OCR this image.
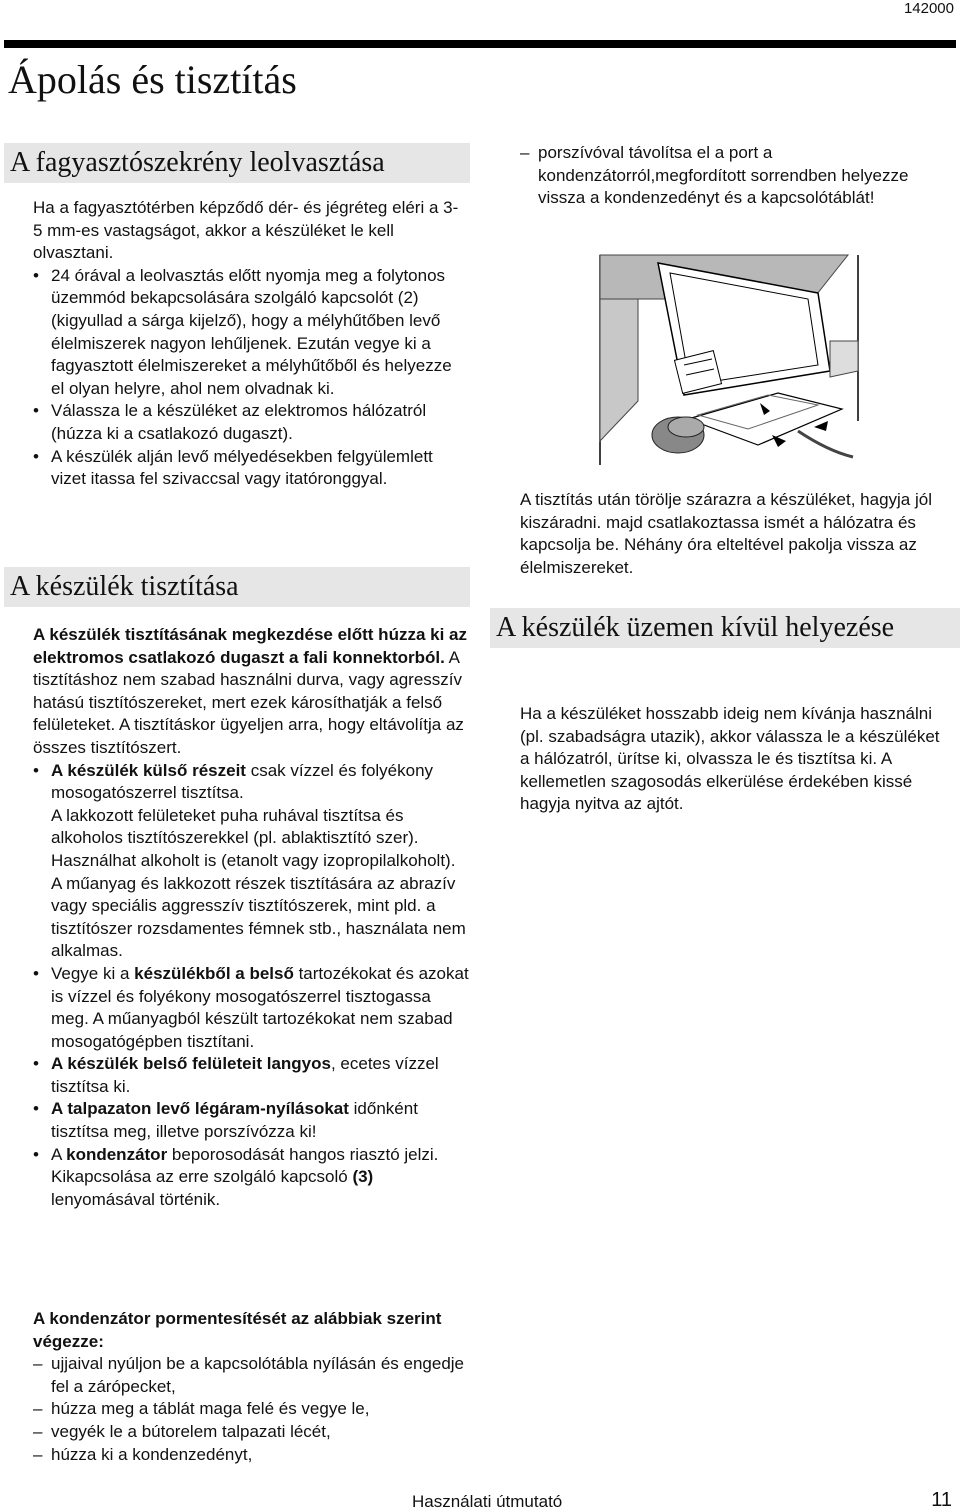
142000
Ápolás és tisztítás
A fagyasztószekrény leolvasztása

Ha a fagyasztótérben képződő dér- és jégréteg eléri a 3-5 mm-es vastagságot, akkor a készüléket le kell olvasztani.

• 24 órával a leolvasztás előtt nyomja meg a folytonos üzemmód bekapcsolására szolgáló kapcsolót (2) (kigyullad a sárga kijelző), hogy a mélyhűtőben levő élelmiszerek nagyon lehűljenek. Ezután vegye ki a fagyasztott élelmiszereket a mélyhűtőből és helyezze el olyan helyre, ahol nem olvadnak ki.
• Válassza le a készüléket az elektromos hálózatról (húzza ki a csatlakozó dugaszt).
• A készülék alján levő mélyedésekben felgyülemlett vizet itassa fel szivaccsal vagy itatóronggyal.
A készülék tisztítása

A készülék tisztításának megkezdése előtt húzza ki az elektromos csatlakozó dugaszt a fali konnektorból. A tisztításhoz nem szabad használni durva, vagy agresszív hatású tisztítószereket, mert ezek károsíthatják a felső felületeket. A tisztításkor ügyeljen arra, hogy eltávolítja az összes tisztítószert.

• A készülék külső részeit csak vízzel és folyékony mosogatószerrel tisztítsa.
A lakkozott felületeket puha ruhával tisztítsa és alkoholos tisztítószerekkel (pl. ablaktisztító szer). Használhat alkoholt is (etanolt vagy izopropilalkoholt).
A műanyag és lakkozott részek tisztítására az abrazív vagy speciális aggresszív tisztítószerek, mint pld. a tisztítószer rozsdamentes fémnek stb., használata nem alkalmas.
• Vegye ki a készülékből a belső tartozékokat és azokat is vízzel és folyékony mosogatószerrel tisztogassa meg. A műanyagból készült tartozékokat nem szabad mosogatógépben tisztítani.
• A készülék belső felületeit langyos, ecetes vízzel tisztítsa ki.
• A talpazaton levő légáram-nyílásokat időnként tisztítsa meg, illetve porszívózza ki!
• A kondenzátor beporosodását hangos riasztó jelzi. Kikapcsolása az erre szolgáló kapcsoló (3) lenyomásával történik.

A kondenzátor pormentesítését az alábbiak szerint végezze:

– ujjaival nyúljon be a kapcsolótábla nyílásán és engedje fel a zárópecket,
– húzza meg a táblát maga felé és vegye le,
– vegyék le a bútorelem talpazati lécét,
– húzza ki a kondenzedényt,
– porszívóval távolítsa el a port a kondenzátorról,megfordított sorrendben helyezze vissza a kondenzedényt és a kapcsolótáblát!
A tisztítás után törölje szárazra a készüléket, hagyja jól kiszáradni. majd csatlakoztassa ismét a hálózatra és kapcsolja be. Néhány óra elteltével pakolja vissza az élelmiszereket.
A készülék üzemen kívül helyezése
Ha a készüléket hosszabb ideig nem kívánja használni (pl. szabadságra utazik), akkor válassza le a készüléket a hálózatról, ürítse ki, olvassza le és tisztítsa ki. A kellemetlen szagosodás elkerülése érdekében kissé hagyja nyitva az ajtót.
Használati útmutató	11
